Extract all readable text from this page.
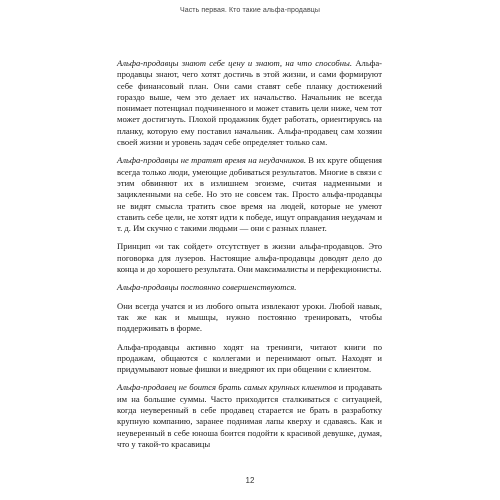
Часть первая. Кто такие альфа-продавцы

Альфа-продавцы знают себе цену и знают, на что способны. Альфа-продавцы знают, чего хотят достичь в этой жизни, и сами формируют себе финансовый план. Они сами ставят себе планку достижений гораздо выше, чем это делает их начальство. Начальник не всегда понимает потенциал подчиненного и может ставить цели ниже, чем тот может достигнуть. Плохой продажник будет работать, ориентируясь на планку, которую ему поставил начальник. Альфа-продавец сам хозяин своей жизни и уровень задач себе определяет только сам.

Альфа-продавцы не тратят время на неудачников. В их круге общения всегда только люди, умеющие добиваться результатов. Многие в связи с этим обвиняют их в излишнем эгоизме, считая надменными и зацикленными на себе. Но это не совсем так. Просто альфа-продавцы не видят смысла тратить свое время на людей, которые не умеют ставить себе цели, не хотят идти к победе, ищут оправдания неудачам и т. д. Им скучно с такими людьми — они с разных планет.

Принцип «и так сойдет» отсутствует в жизни альфа-продавцов. Это поговорка для лузеров. Настоящие альфа-продавцы доводят дело до конца и до хорошего результата. Они максималисты и перфекционисты.

Альфа-продавцы постоянно совершенствуются.

Они всегда учатся и из любого опыта извлекают уроки. Любой навык, так же как и мышцы, нужно постоянно тренировать, чтобы поддерживать в форме.

Альфа-продавцы активно ходят на тренинги, читают книги по продажам, общаются с коллегами и перенимают опыт. Находят и придумывают новые фишки и внедряют их при общении с клиентом.

Альфа-продавец не боится брать самых крупных клиентов и продавать им на большие суммы. Часто приходится сталкиваться с ситуацией, когда неуверенный в себе продавец старается не брать в разработку крупную компанию, заранее поднимая лапы кверху и сдаваясь. Как и неуверенный в себе юноша боится подойти к красивой девушке, думая, что у такой-то красавицы

12
